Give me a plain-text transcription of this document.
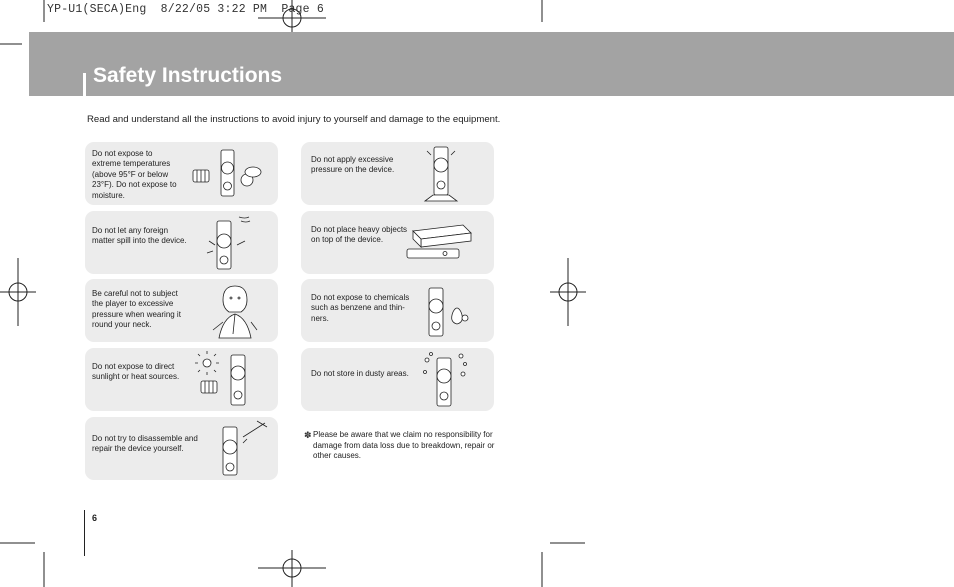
YP-U1(SECA)Eng  8/22/05 3:22 PM  Page 6
Safety Instructions
Read and understand all the instructions to avoid injury to yourself and damage to the equipment.
Do not expose to
extreme temperatures
(above 95°F or below
23°F). Do not expose to
moisture.
Do not let any foreign
matter spill into the device.
Be careful not to subject
the player to excessive
pressure when wearing it
round your neck.
Do not expose to direct
sunlight or heat sources.
Do not try to disassemble and
repair the device yourself.
Do not apply excessive
pressure on the device.
Do not place heavy objects
on top of the device.
Do not expose to chemicals
such as benzene and thin-
ners.
Do not store in dusty areas.
✽ Please be aware that we claim no responsibility for
damage from data loss due to breakdown, repair or
other causes.
6
